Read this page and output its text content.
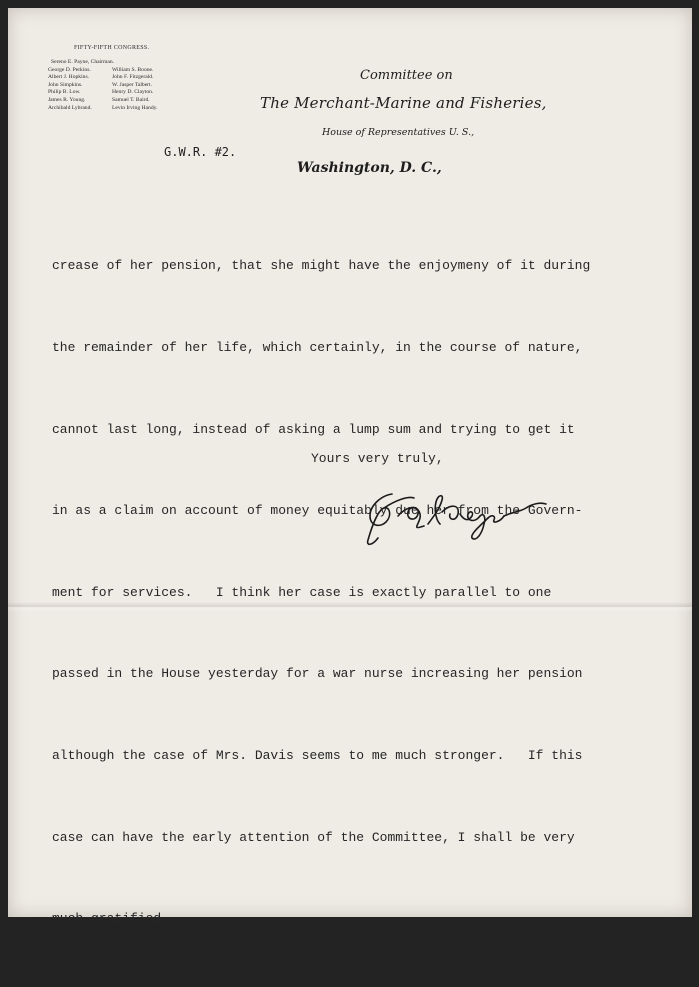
FIFTY-FIFTH CONGRESS.
Sereno E. Payne, Chairman.
George D. Perkins.	William S. Boone.
Albert J. Hopkins.	John F. Fitzgerald.
John Simpkins.	W. Jasper Talbert.
Philip B. Low.	Henry D. Clayton.
James R. Young.	Samuel T. Baird.
Archibald Lybrand.	Levin Irving Handy.
Committee on
The Merchant-Marine and Fisheries,
House of Representatives U. S.,
G.W.R. #2.
Washington, D. C.,

crease of her pension, that she might have the enjoymeny of it during

the remainder of her life, which certainly, in the course of nature,

cannot last long, instead of asking a lump sum and trying to get it

in as a claim on account of money equitably due her from the Govern-

ment for services.   I think her case is exactly parallel to one

passed in the House yesterday for a war nurse increasing her pension

although the case of Mrs. Davis seems to me much stronger.   If this

case can have the early attention of the Committee, I shall be very

much gratified.

Yours very truly,
